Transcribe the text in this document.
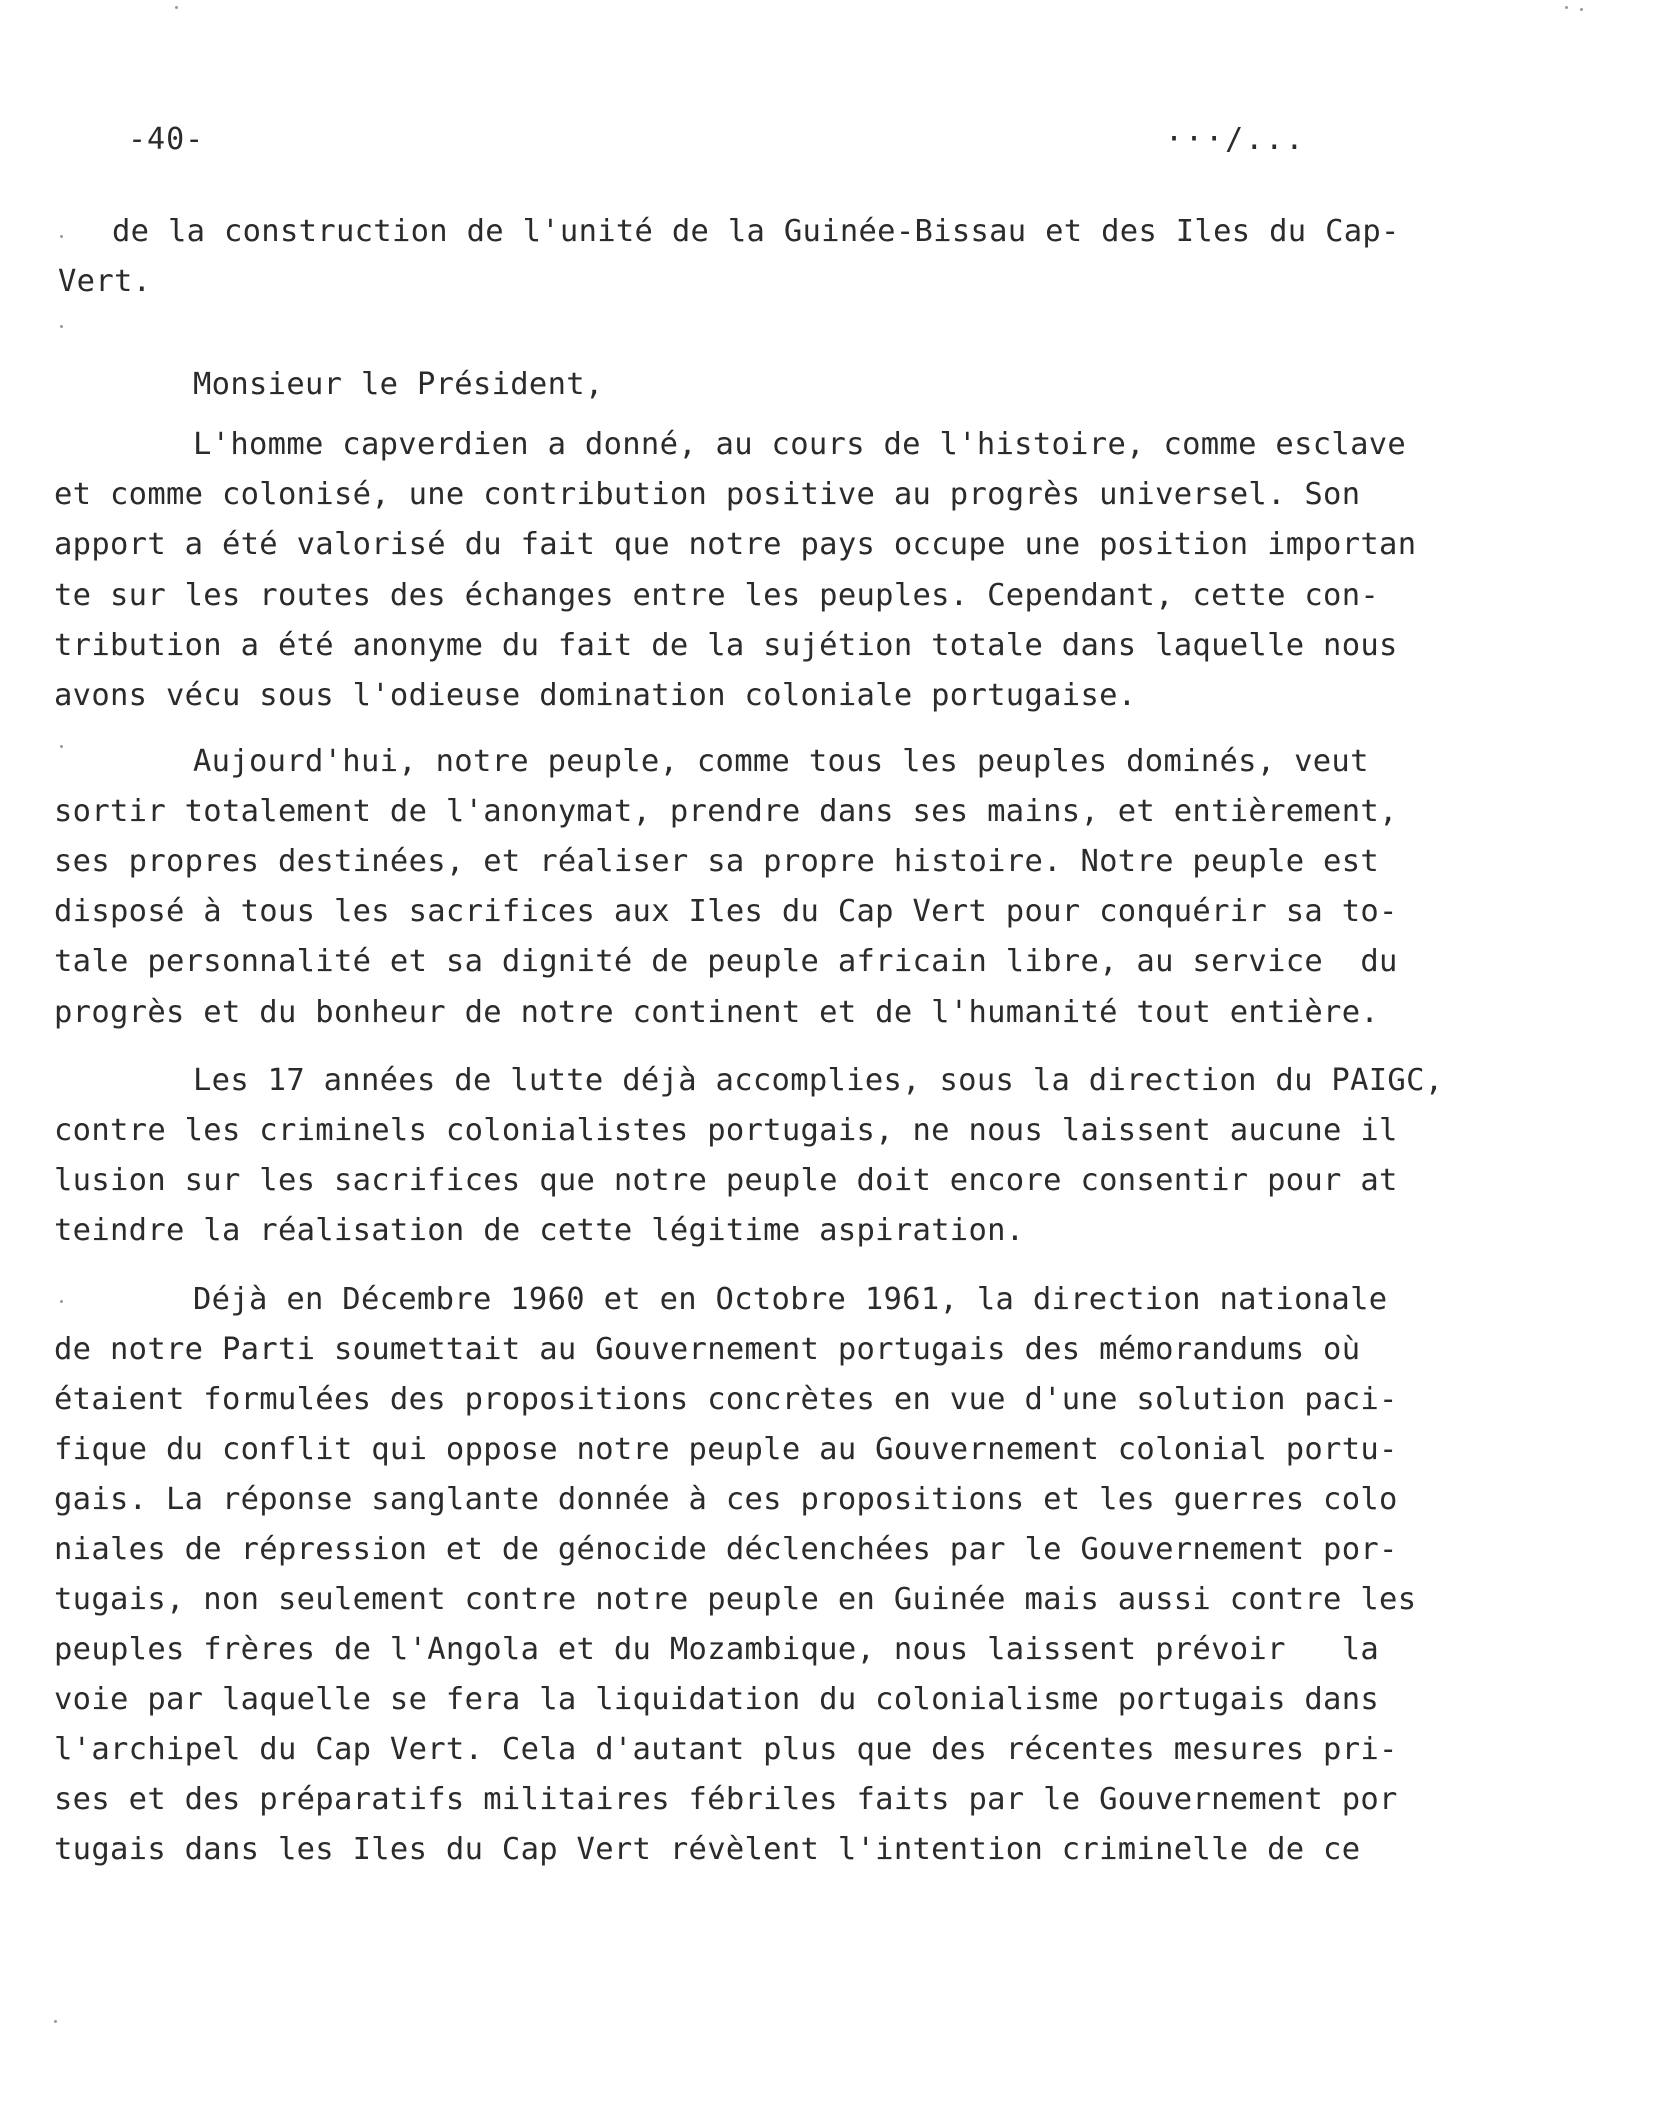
-40-	···/...
de la construction de l'unité de la Guinée-Bissau et des Iles du Cap-
Vert.
Monsieur le Président,
L'homme capverdien a donné, au cours de l'histoire, comme esclave
et comme colonisé, une contribution positive au progrès universel. Son
apport a été valorisé du fait que notre pays occupe une position importan
te sur les routes des échanges entre les peuples. Cependant, cette con-
tribution a été anonyme du fait de la sujétion totale dans laquelle nous
avons vécu sous l'odieuse domination coloniale portugaise.
Aujourd'hui, notre peuple, comme tous les peuples dominés, veut
sortir totalement de l'anonymat, prendre dans ses mains, et entièrement,
ses propres destinées, et réaliser sa propre histoire. Notre peuple est
disposé à tous les sacrifices aux Iles du Cap Vert pour conquérir sa to-
tale personnalité et sa dignité de peuple africain libre, au service  du
progrès et du bonheur de notre continent et de l'humanité tout entière.
Les 17 années de lutte déjà accomplies, sous la direction du PAIGC,
contre les criminels colonialistes portugais, ne nous laissent aucune il
lusion sur les sacrifices que notre peuple doit encore consentir pour at
teindre la réalisation de cette légitime aspiration.
Déjà en Décembre 1960 et en Octobre 1961, la direction nationale
de notre Parti soumettait au Gouvernement portugais des mémorandums où
étaient formulées des propositions concrètes en vue d'une solution paci-
fique du conflit qui oppose notre peuple au Gouvernement colonial portu-
gais. La réponse sanglante donnée à ces propositions et les guerres colo
niales de répression et de génocide déclenchées par le Gouvernement por-
tugais, non seulement contre notre peuple en Guinée mais aussi contre les
peuples frères de l'Angola et du Mozambique, nous laissent prévoir   la
voie par laquelle se fera la liquidation du colonialisme portugais dans
l'archipel du Cap Vert. Cela d'autant plus que des récentes mesures pri-
ses et des préparatifs militaires fébriles faits par le Gouvernement por
tugais dans les Iles du Cap Vert révèlent l'intention criminelle de ce
